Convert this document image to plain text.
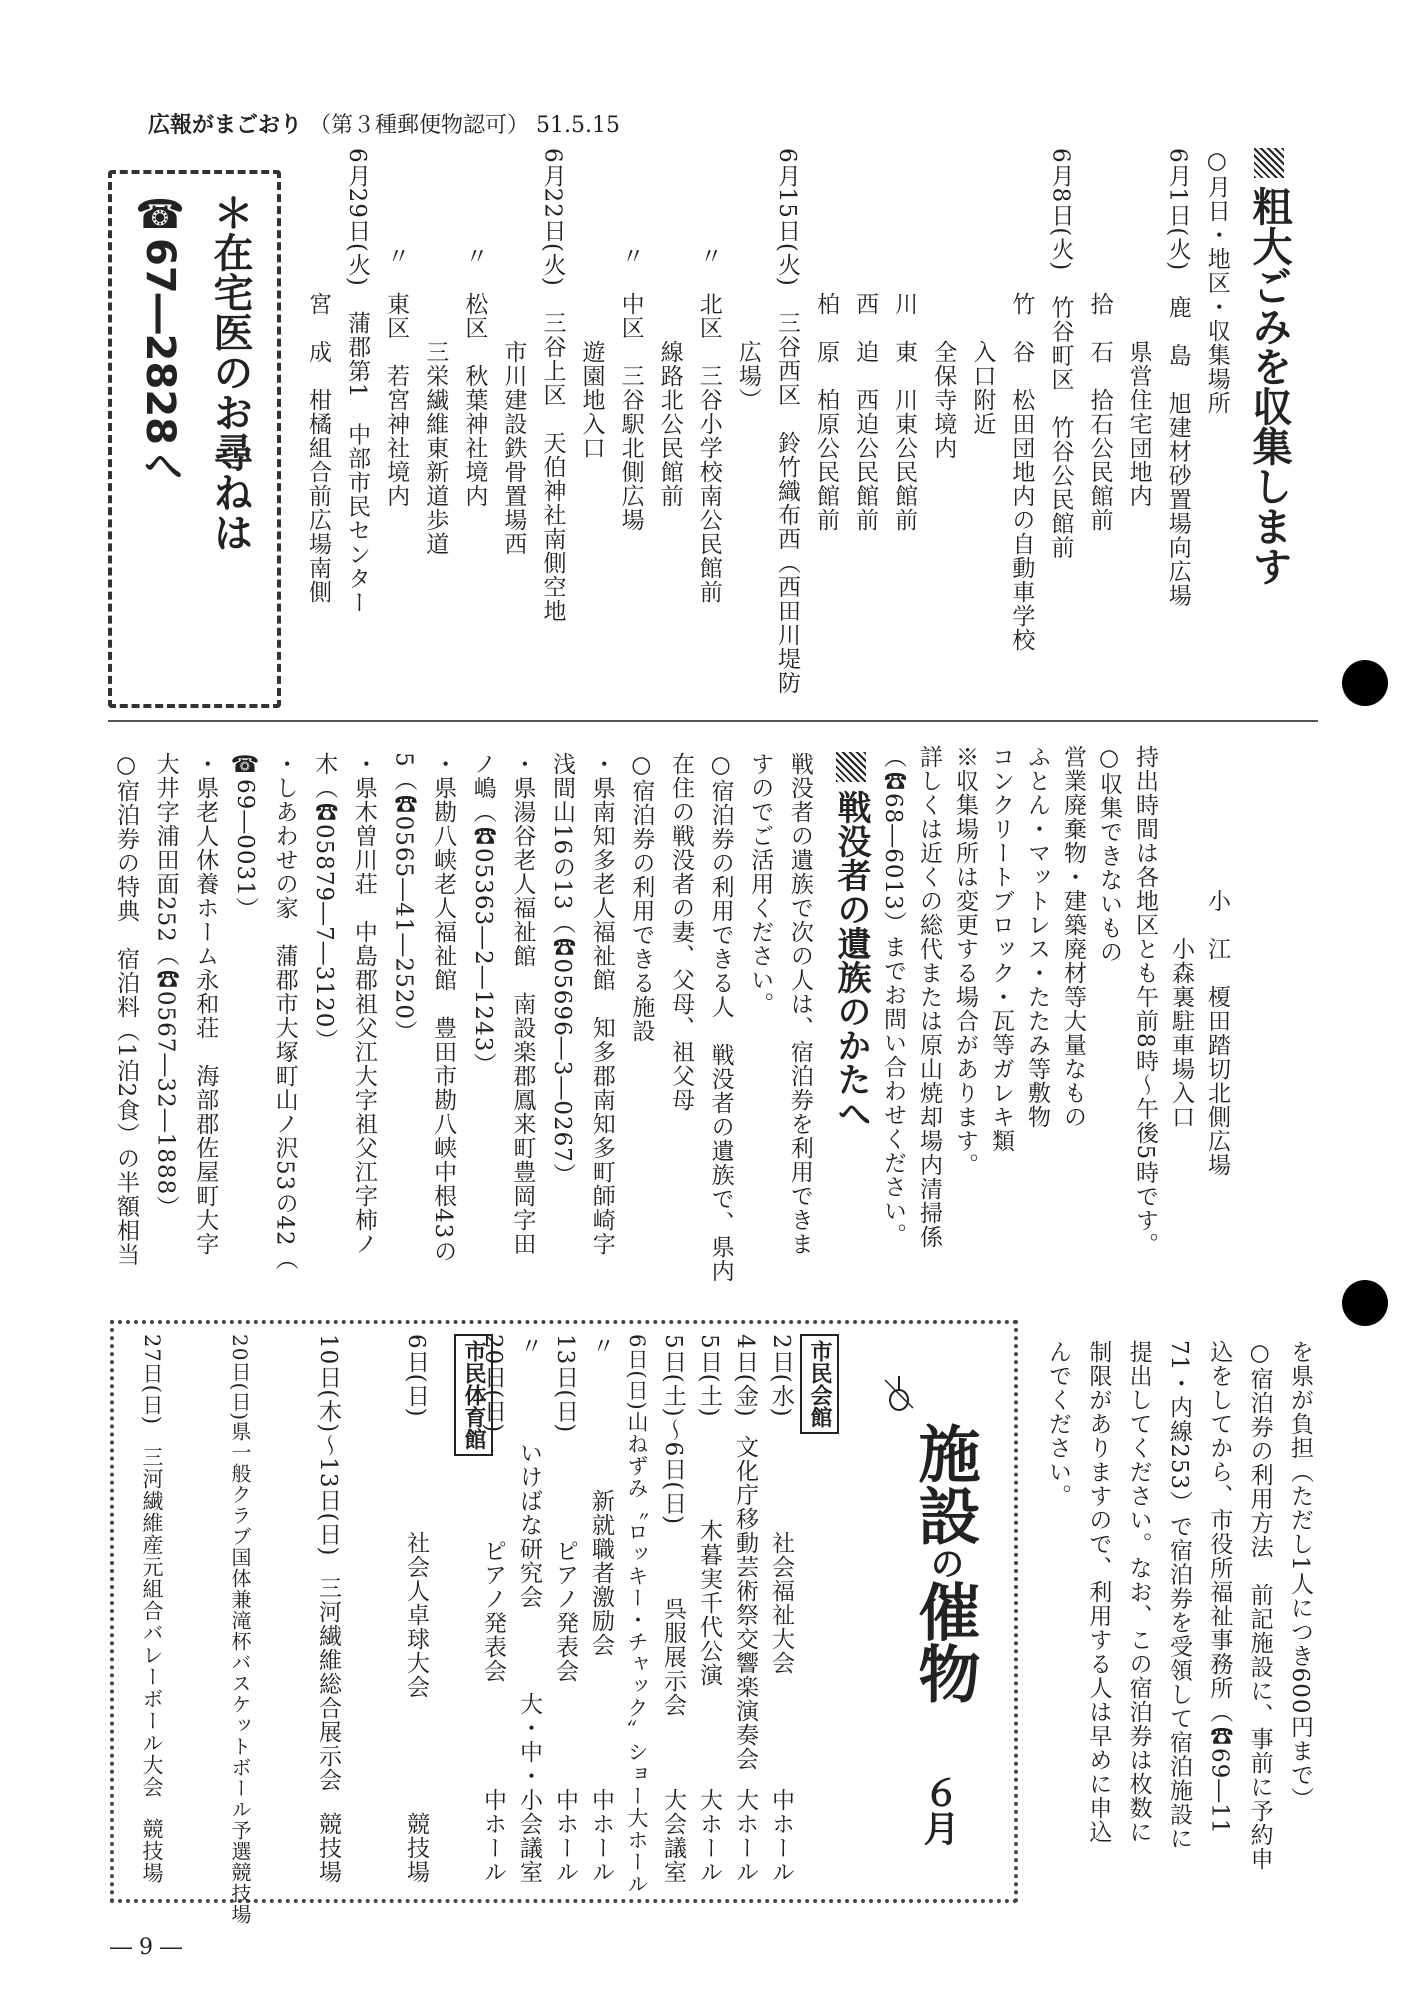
広報がまごおり （第３種郵便物認可） 51.5.15
粗大ごみを収集します
○月日・地区・収集場所
6月1日(火)　鹿　島　旭建材砂置場向広場
　　　　　　　　県営住宅団地内
　　　　　　拾　石　拾石公民館前
6月8日(火)　竹谷町区　竹谷公民館前
　　　　　　竹　谷　松田団地内の自動車学校
　　　　　　　　入口附近
　　　　　　　　全保寺境内
　　　　　　川　東　川東公民館前
　　　　　　西　迫　西迫公民館前
　　　　　　柏　原　柏原公民館前
6月15日(火)　三谷西区　鈴竹織布西（西田川堤防
　　　　　　　　広場）
　　　　〃　北区　三谷小学校南公民館前
　　　　　　　　線路北公民館前
　　　　〃　中区　三谷駅北側広場
　　　　　　　　遊園地入口
6月22日(火)　三谷上区　天伯神社南側空地
　　　　　　　　市川建設鉄骨置場西
　　　　〃　松区　秋葉神社境内
　　　　　　　　三栄繊維東新道歩道
　　　　〃　東区　若宮神社境内
6月29日(火)　蒲郡第1　中部市民センター
　　　　　　宮　成　柑橘組合前広場南側
＊在宅医のお尋ねは
☎67―2828へ
　　　　　　小　江　榎田踏切北側広場
　　　　　　　　小森裏駐車場入口
持出時間は各地区とも午前8時〜午後5時です。
○収集できないもの
営業廃棄物・建築廃材等大量なもの
ふとん・マットレス・たたみ等敷物
コンクリートブロック・瓦等ガレキ類
※収集場所は変更する場合があります。
詳しくは近くの総代または原山焼却場内清掃係
（☎68―6013）までお問い合わせください。
戦没者の遺族のかたへ
戦没者の遺族で次の人は、宿泊券を利用できま
すのでご活用ください。
○宿泊券の利用できる人　戦没者の遺族で、県内
在住の戦没者の妻、父母、祖父母
○宿泊券の利用できる施設
・県南知多老人福祉館　知多郡南知多町師崎字
浅間山16の13（☎05696―3―0267）
・県湯谷老人福祉館　南設楽郡鳳来町豊岡字田
ノ嶋（☎05363―2―1243）
・県勘八峡老人福祉館　豊田市勘八峡中根43の
5（☎0565―41―2520）
・県木曽川荘　中島郡祖父江大字祖父江字柿ノ
木（☎05879―7―3120）
・しあわせの家　蒲郡市大塚町山ノ沢53の42（
☎69―0031）
・県老人休養ホーム永和荘　海部郡佐屋町大字
大井字浦田面252（☎0567―32―1888）
○宿泊券の特典　宿泊料（1泊2食）の半額相当
を県が負担（ただし1人につき600円まで）
○宿泊券の利用方法　前記施設に、事前に予約申
込をしてから、市役所福祉事務所（☎69―11
71・内線253）で宿泊券を受領して宿泊施設に
提出してください。なお、この宿泊券は枚数に
制限がありますので、利用する人は早めに申込
んでください。
施設の催物
６月
市民会館
2日(水)
社会福祉大会
中ホール
4日(金)
文化庁移動芸術祭交響楽演奏会
大ホール
5日(土)
木暮実千代公演
大ホール
5日(土)〜6日(日)
呉服展示会
大会議室
6日(日)
山ねずみ〝ロッキー・チャック〟ショー
大ホール
〃
新就職者激励会
中ホール
13日(日)
ピアノ発表会
中ホール
〃
いけばな研究会
大・中・小会議室
20日(日)
ピアノ発表会
中ホール
市民体育館
6日(日)
社会人卓球大会
競技場
10日(木)〜13日(日)
三河繊維総合展示会
競技場
20日(日)
県一般クラブ国体兼滝杯バスケットボール予選
競技場
27日(日)
三河繊維産元組合バレーボール大会
競技場
― 9 ―
